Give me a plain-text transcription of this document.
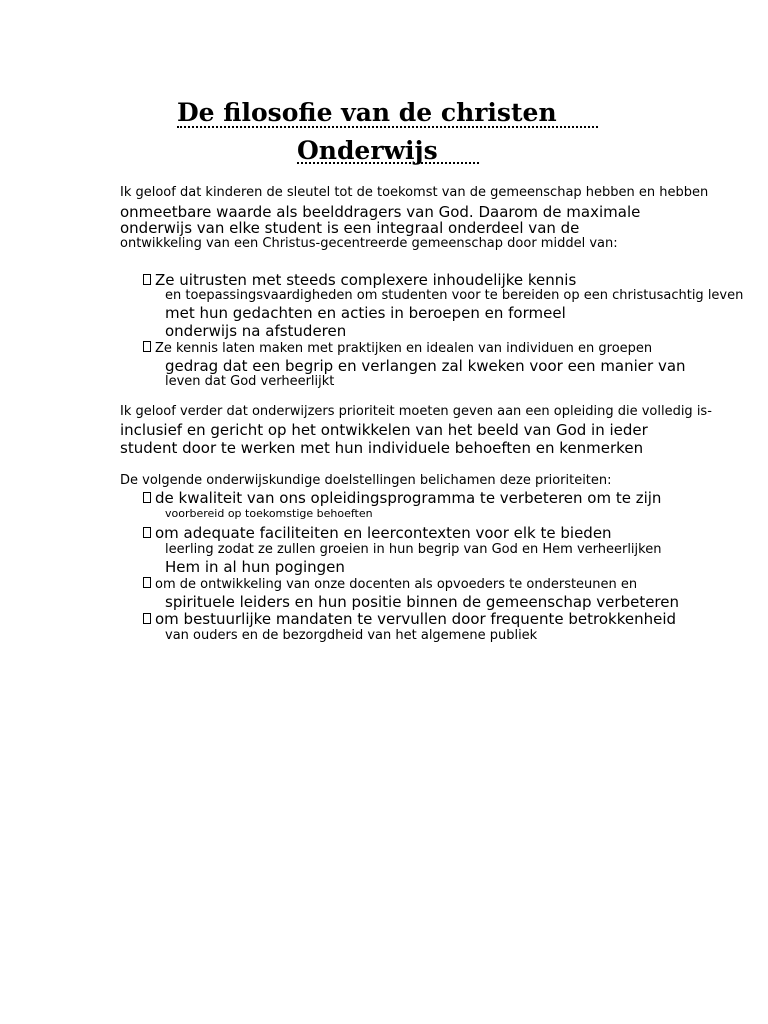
De filosofie van de christen
Onderwijs
Ik geloof dat kinderen de sleutel tot de toekomst van de gemeenschap hebben en hebben
onmeetbare waarde als beelddragers van God. Daarom de maximale
onderwijs van elke student is een integraal onderdeel van de
ontwikkeling van een Christus-gecentreerde gemeenschap door middel van:
Ze uitrusten met steeds complexere inhoudelijke kennis
en toepassingsvaardigheden om studenten voor te bereiden op een christusachtig leven
met hun gedachten en acties in beroepen en formeel
onderwijs na afstuderen
Ze kennis laten maken met praktijken en idealen van individuen en groepen
gedrag dat een begrip en verlangen zal kweken voor een manier van
leven dat God verheerlijkt
Ik geloof verder dat onderwijzers prioriteit moeten geven aan een opleiding die volledig is-
inclusief en gericht op het ontwikkelen van het beeld van God in ieder
student door te werken met hun individuele behoeften en kenmerken
De volgende onderwijskundige doelstellingen belichamen deze prioriteiten:
de kwaliteit van ons opleidingsprogramma te verbeteren om te zijn
voorbereid op toekomstige behoeften
om adequate faciliteiten en leercontexten voor elk te bieden
leerling zodat ze zullen groeien in hun begrip van God en Hem verheerlijken
Hem in al hun pogingen
om de ontwikkeling van onze docenten als opvoeders te ondersteunen en
spirituele leiders en hun positie binnen de gemeenschap verbeteren
om bestuurlijke mandaten te vervullen door frequente betrokkenheid
van ouders en de bezorgdheid van het algemene publiek
